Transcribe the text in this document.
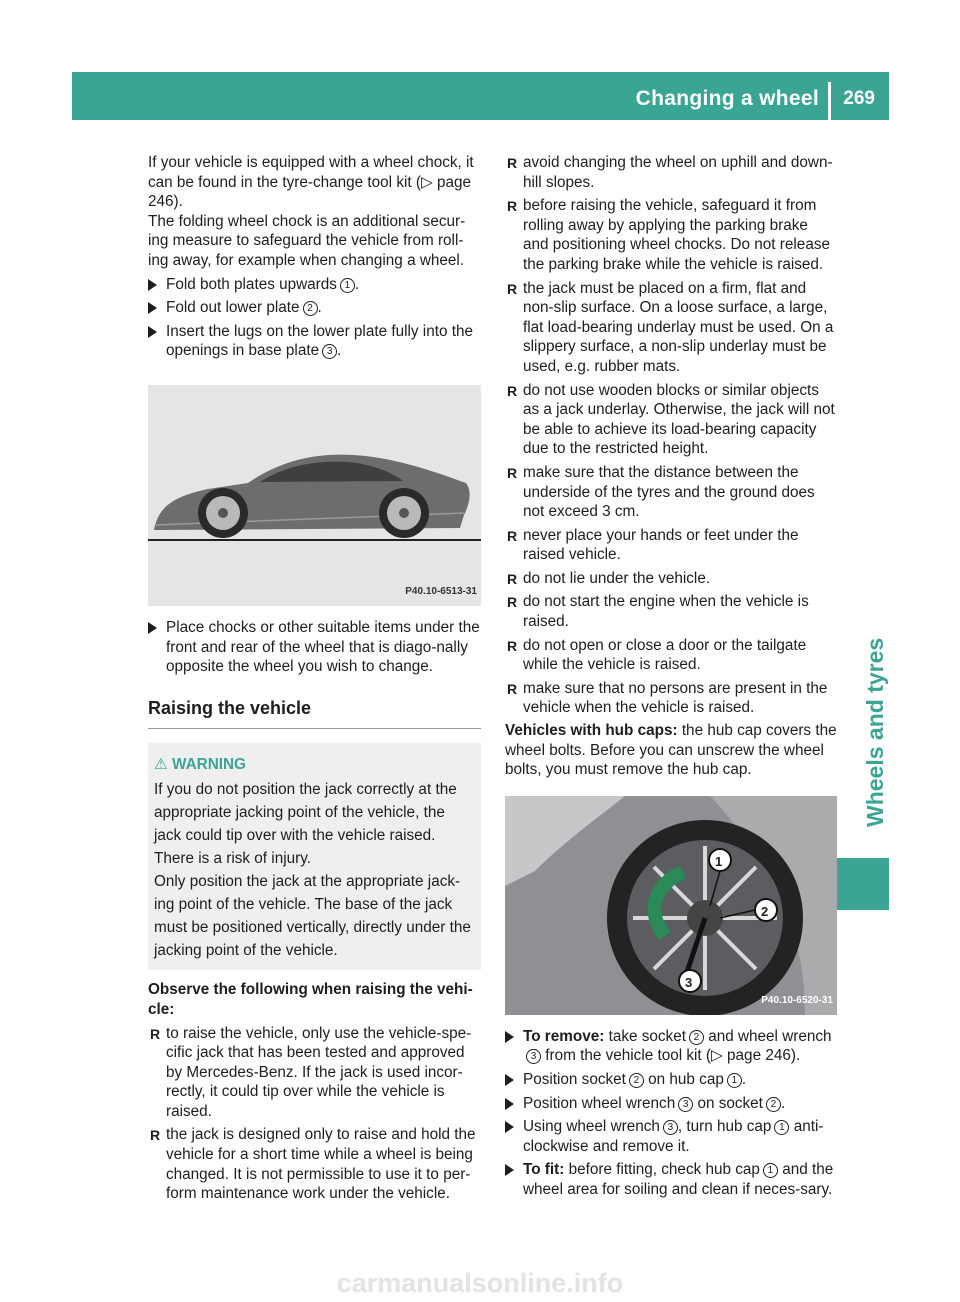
Changing a wheel 269
Wheels and tyres

If your vehicle is equipped with a wheel chock, it can be found in the tyre-change tool kit (▷ page 246).

The folding wheel chock is an additional secur-ing measure to safeguard the vehicle from roll-ing away, for example when changing a wheel.

Fold both plates upwards 1 .
Fold out lower plate 2 .
Insert the lugs on the lower plate fully into the openings in base plate 3 .
P40.10-6513-31
Place chocks or other suitable items under the front and rear of the wheel that is diago-nally opposite the wheel you wish to change.
Raising the vehicle
⚠ WARNING

If you do not position the jack correctly at the appropriate jacking point of the vehicle, the jack could tip over with the vehicle raised. There is a risk of injury.

Only position the jack at the appropriate jack-ing point of the vehicle. The base of the jack must be positioned vertically, directly under the jacking point of the vehicle.

Observe the following when raising the vehi-cle:

R to raise the vehicle, only use the vehicle-spe-cific jack that has been tested and approved by Mercedes-Benz. If the jack is used incor-rectly, it could tip over while the vehicle is raised.
R the jack is designed only to raise and hold the vehicle for a short time while a wheel is being changed. It is not permissible to use it to per-form maintenance work under the vehicle.
R avoid changing the wheel on uphill and down-hill slopes.
R before raising the vehicle, safeguard it from rolling away by applying the parking brake and positioning wheel chocks. Do not release the parking brake while the vehicle is raised.
R the jack must be placed on a firm, flat and non-slip surface. On a loose surface, a large, flat load-bearing underlay must be used. On a slippery surface, a non-slip underlay must be used, e.g. rubber mats.
R do not use wooden blocks or similar objects as a jack underlay. Otherwise, the jack will not be able to achieve its load-bearing capacity due to the restricted height.
R make sure that the distance between the underside of the tyres and the ground does not exceed 3 cm.
R never place your hands or feet under the raised vehicle.
R do not lie under the vehicle.
R do not start the engine when the vehicle is raised.
R do not open or close a door or the tailgate while the vehicle is raised.
R make sure that no persons are present in the vehicle when the vehicle is raised.

Vehicles with hub caps: the hub cap covers the wheel bolts. Before you can unscrew the wheel bolts, you must remove the hub cap.

1
2
3
P40.10-6520-31
To remove: take socket 2 and wheel wrench 3 from the vehicle tool kit (▷ page 246).
Position socket 2 on hub cap 1 .
Position wheel wrench 3 on socket 2 .
Using wheel wrench 3 , turn hub cap 1 anti-clockwise and remove it.
To fit: before fitting, check hub cap 1 and the wheel area for soiling and clean if neces-sary.
carmanualsonline.info
